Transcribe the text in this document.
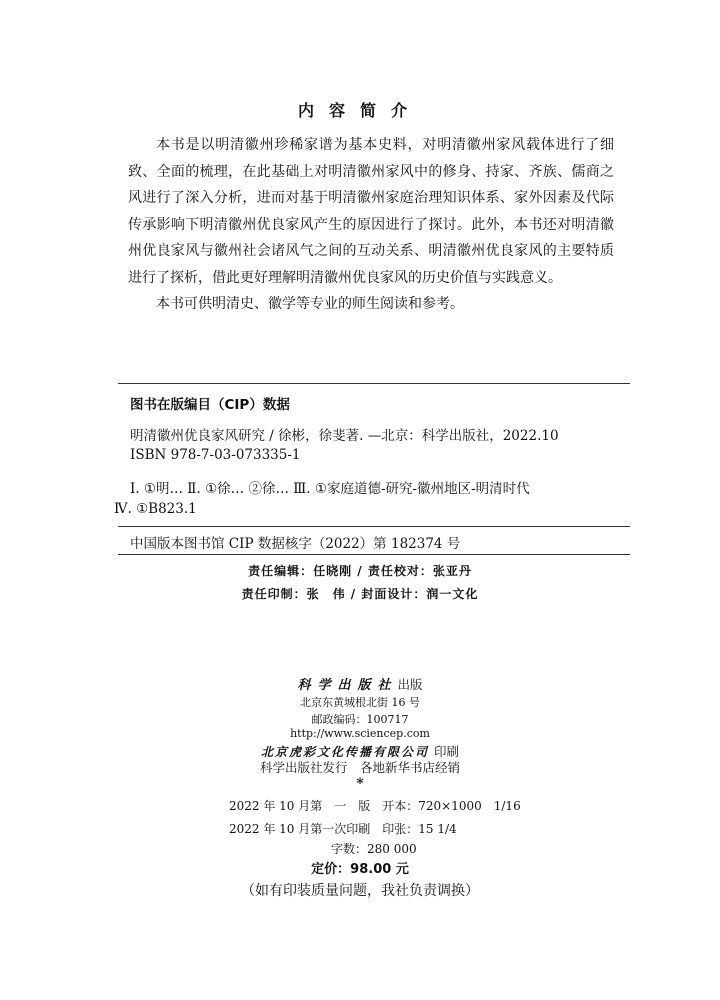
内容简介

本书是以明清徽州珍稀家谱为基本史料，对明清徽州家风载体进行了细致、全面的梳理，在此基础上对明清徽州家风中的修身、持家、齐族、儒商之风进行了深入分析，进而对基于明清徽州家庭治理知识体系、家外因素及代际传承影响下明清徽州优良家风产生的原因进行了探讨。此外，本书还对明清徽州优良家风与徽州社会诸风气之间的互动关系、明清徽州优良家风的主要特质进行了探析，借此更好理解明清徽州优良家风的历史价值与实践意义。

本书可供明清史、徽学等专业的师生阅读和参考。

图书在版编目（CIP）数据
明清徽州优良家风研究 / 徐彬，徐斐著. —北京：科学出版社，2022.10
ISBN 978-7-03-073335-1
Ⅰ. ①明… Ⅱ. ①徐… ②徐… Ⅲ. ①家庭道德-研究-徽州地区-明清时代
Ⅳ. ①B823.1
中国版本图书馆 CIP 数据核字（2022）第 182374 号
责任编辑：任晓刚 / 责任校对：张亚丹
责任印制：张　伟 / 封面设计：润一文化
科学出版社出版
北京东黄城根北街 16 号
邮政编码：100717
http://www.sciencep.com
北京虎彩文化传播有限公司 印刷
科学出版社发行　各地新华书店经销
*
2022 年 10 月第　一　版　开本：720×1000　1/16
2022 年 10 月第一次印刷　印张：15 1/4
字数：280 000
定价：98.00 元
（如有印装质量问题，我社负责调换）
